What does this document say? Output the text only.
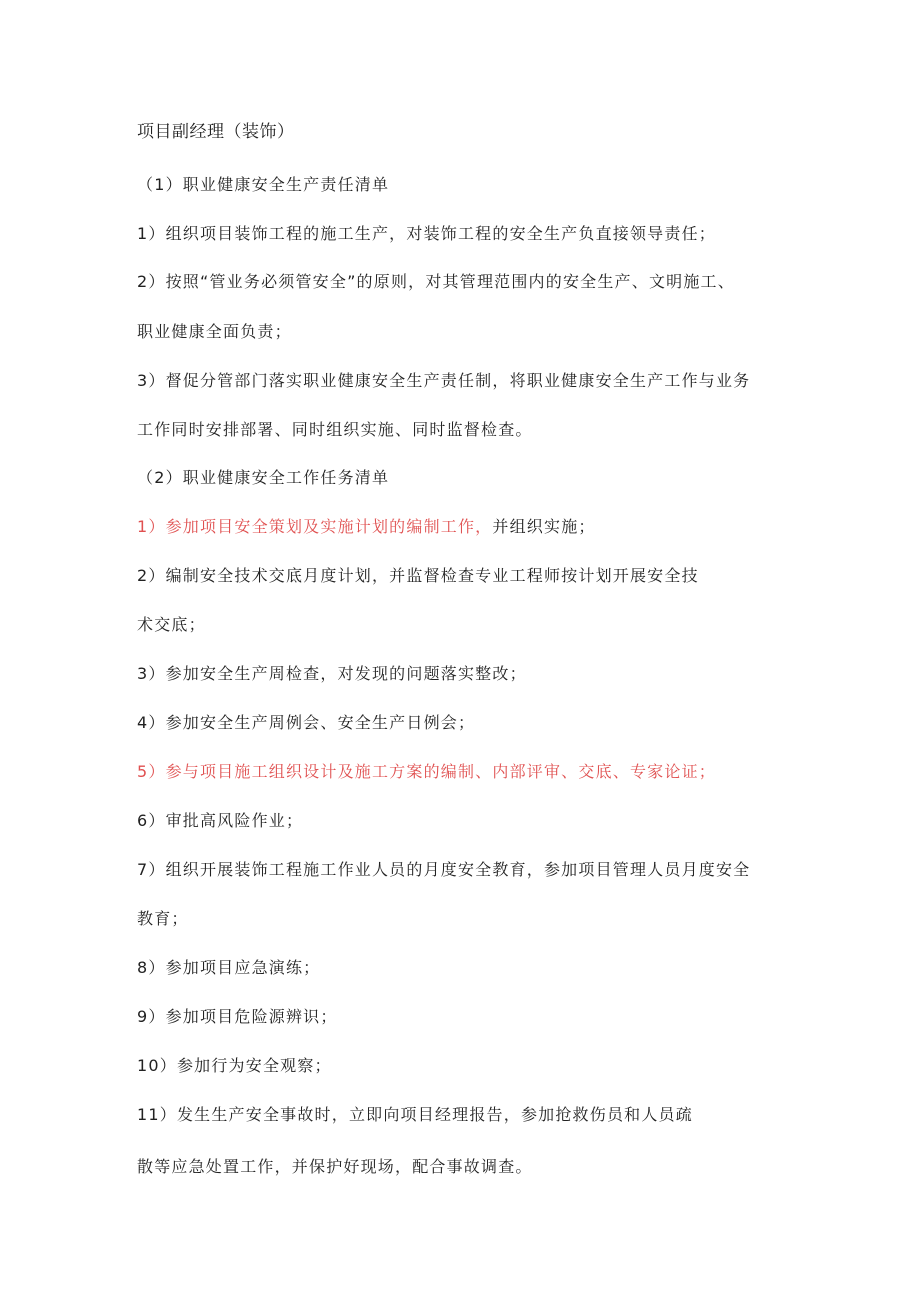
项目副经理（装饰）
（1）职业健康安全生产责任清单
1）组织项目装饰工程的施工生产，对装饰工程的安全生产负直接领导责任；
2）按照“管业务必须管安全”的原则，对其管理范围内的安全生产、文明施工、
职业健康全面负责；
3）督促分管部门落实职业健康安全生产责任制，将职业健康安全生产工作与业务
工作同时安排部署、同时组织实施、同时监督检查。
（2）职业健康安全工作任务清单
1）参加项目安全策划及实施计划的编制工作，并组织实施；
2）编制安全技术交底月度计划，并监督检查专业工程师按计划开展安全技
术交底；
3）参加安全生产周检查，对发现的问题落实整改；
4）参加安全生产周例会、安全生产日例会；
5）参与项目施工组织设计及施工方案的编制、内部评审、交底、专家论证；
6）审批高风险作业；
7）组织开展装饰工程施工作业人员的月度安全教育，参加项目管理人员月度安全
教育；
8）参加项目应急演练；
9）参加项目危险源辨识；
10）参加行为安全观察；
11）发生生产安全事故时，立即向项目经理报告，参加抢救伤员和人员疏
散等应急处置工作，并保护好现场，配合事故调查。
